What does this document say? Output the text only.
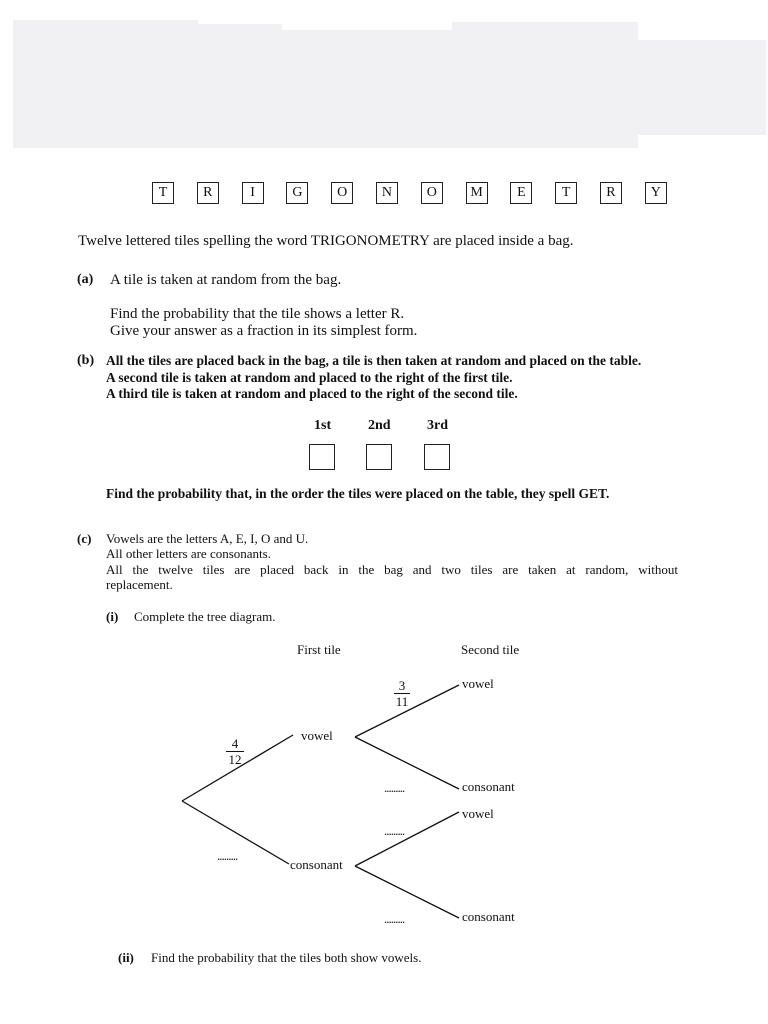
T	R	I	G	O	N	O	M	E	T	R	Y
Twelve lettered tiles spelling the word TRIGONOMETRY are placed inside a bag.
(a) A tile is taken at random from the bag.
Find the probability that the tile shows a letter R.
Give your answer as a fraction in its simplest form.
(b) All the tiles are placed back in the bag, a tile is then taken at random and placed on the table.
A second tile is taken at random and placed to the right of the first tile.
A third tile is taken at random and placed to the right of the second tile.
1st	2nd	3rd
Find the probability that, in the order the tiles were placed on the table, they spell GET.
(c) Vowels are the letters A, E, I, O and U.
All other letters are consonants.
All the twelve tiles are placed back in the bag and two tiles are taken at random, without
replacement.
(i) Complete the tree diagram.
First tile	Second tile
4
12
3
11
vowel
consonant
vowel
consonant
vowel
consonant
.........
.........
.........
.........
(ii) Find the probability that the tiles both show vowels.
